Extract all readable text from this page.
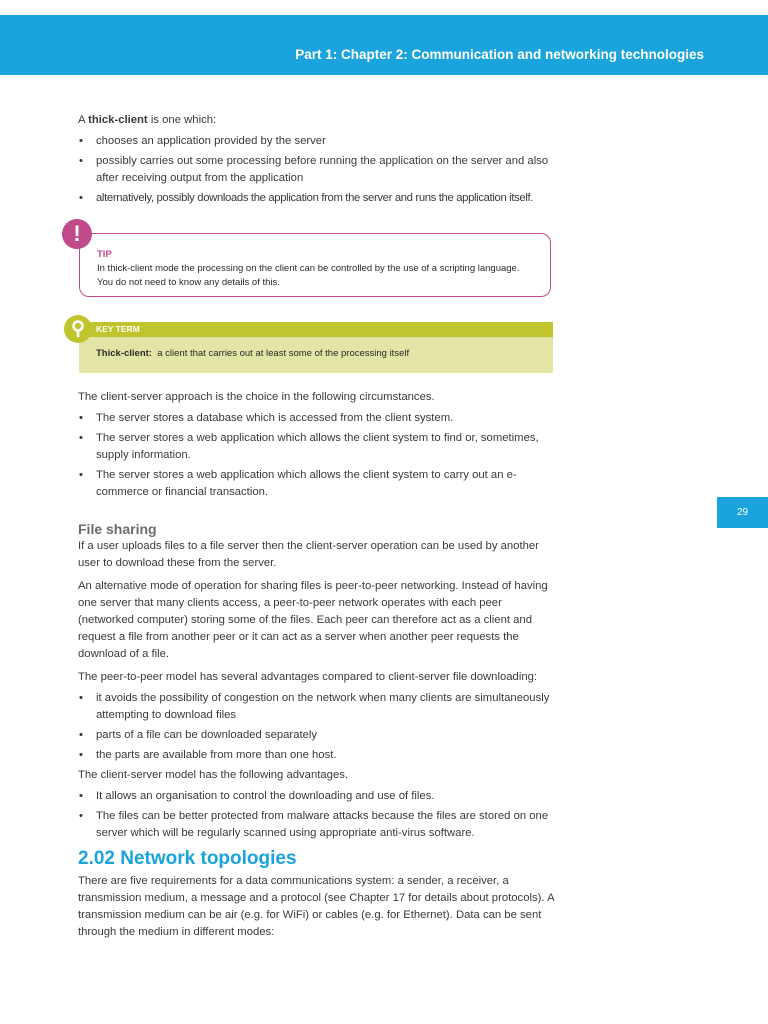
Part 1: Chapter 2: Communication and networking technologies
29

A thick-client is one which:

• chooses an application provided by the server
• possibly carries out some processing before running the application on the server and also after receiving output from the application
• alternatively, possibly downloads the application from the server and runs the application itself.
!
TIP

In thick-client mode the processing on the client can be controlled by the use of a scripting language. You do not need to know any details of this.

KEY TERM

Thick-client: a client that carries out at least some of the processing itself

The client-server approach is the choice in the following circumstances.

• The server stores a database which is accessed from the client system.
• The server stores a web application which allows the client system to find or, sometimes, supply information.
• The server stores a web application which allows the client system to carry out an e-commerce or financial transaction.

File sharing

If a user uploads files to a file server then the client-server operation can be used by another user to download these from the server.

An alternative mode of operation for sharing files is peer-to-peer networking. Instead of having one server that many clients access, a peer-to-peer network operates with each peer (networked computer) storing some of the files. Each peer can therefore act as a client and request a file from another peer or it can act as a server when another peer requests the download of a file.

The peer-to-peer model has several advantages compared to client-server file downloading:

• it avoids the possibility of congestion on the network when many clients are simultaneously attempting to download files
• parts of a file can be downloaded separately
• the parts are available from more than one host.

The client-server model has the following advantages.

• It allows an organisation to control the downloading and use of files.
• The files can be better protected from malware attacks because the files are stored on one server which will be regularly scanned using appropriate anti-virus software.

2.02 Network topologies

There are five requirements for a data communications system: a sender, a receiver, a transmission medium, a message and a protocol (see Chapter 17 for details about protocols). A transmission medium can be air (e.g. for WiFi) or cables (e.g. for Ethernet). Data can be sent through the medium in different modes:
